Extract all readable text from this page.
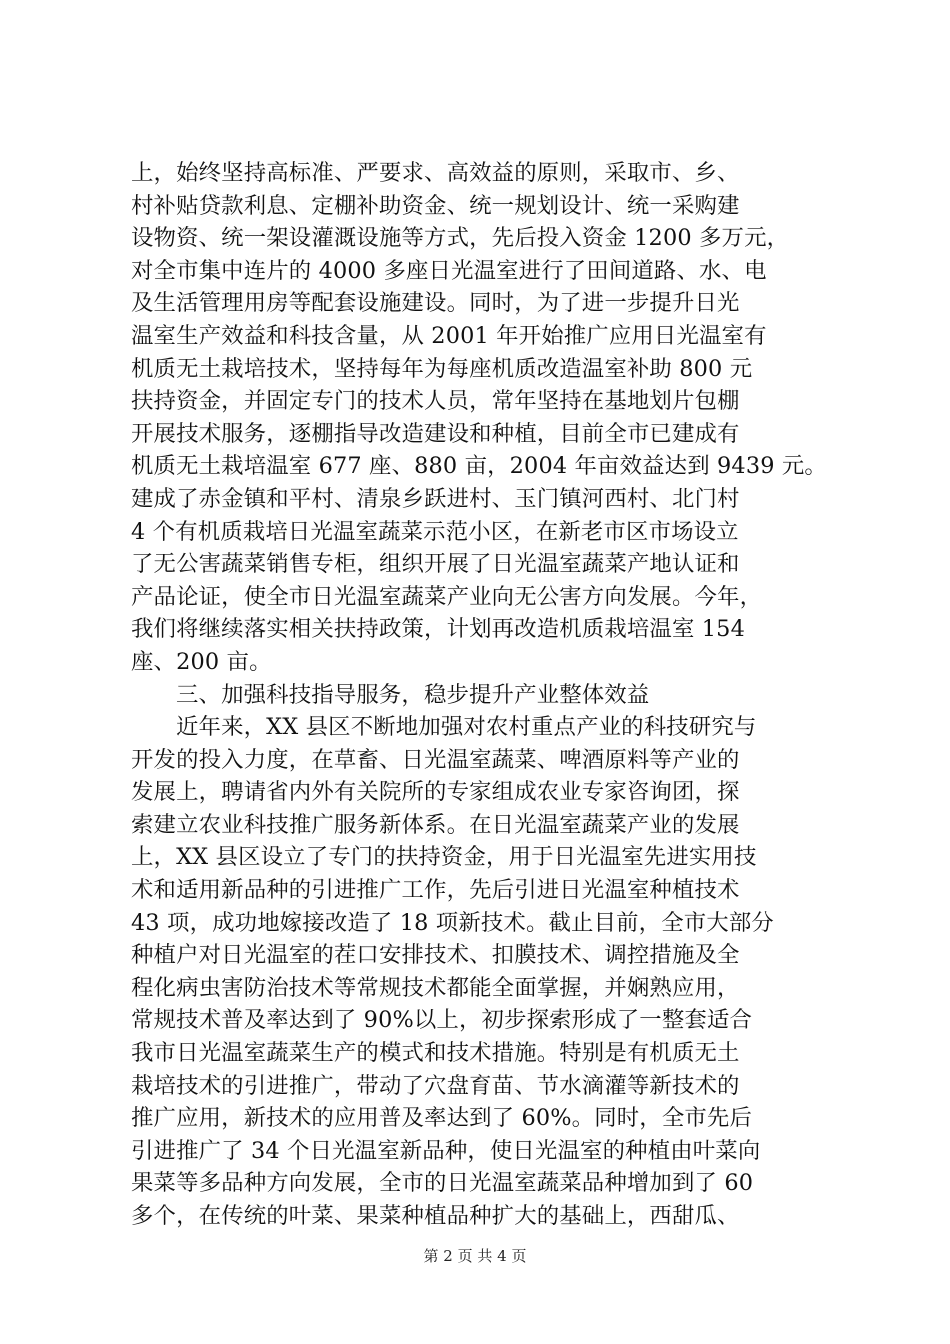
上，始终坚持高标准、严要求、高效益的原则，采取市、乡、
村补贴贷款利息、定棚补助资金、统一规划设计、统一采购建
设物资、统一架设灌溉设施等方式，先后投入资金 1200 多万元，
对全市集中连片的 4000 多座日光温室进行了田间道路、水、电
及生活管理用房等配套设施建设。同时，为了进一步提升日光
温室生产效益和科技含量，从 2001 年开始推广应用日光温室有
机质无土栽培技术，坚持每年为每座机质改造温室补助 800 元
扶持资金，并固定专门的技术人员，常年坚持在基地划片包棚
开展技术服务，逐棚指导改造建设和种植，目前全市已建成有
机质无土栽培温室 677 座、880 亩，2004 年亩效益达到 9439 元。
建成了赤金镇和平村、清泉乡跃进村、玉门镇河西村、北门村
4 个有机质栽培日光温室蔬菜示范小区，在新老市区市场设立
了无公害蔬菜销售专柜，组织开展了日光温室蔬菜产地认证和
产品论证，使全市日光温室蔬菜产业向无公害方向发展。今年，
我们将继续落实相关扶持政策，计划再改造机质栽培温室 154
座、200 亩。
三、加强科技指导服务，稳步提升产业整体效益
近年来，XX 县区不断地加强对农村重点产业的科技研究与
开发的投入力度，在草畜、日光温室蔬菜、啤酒原料等产业的
发展上，聘请省内外有关院所的专家组成农业专家咨询团，探
索建立农业科技推广服务新体系。在日光温室蔬菜产业的发展
上，XX 县区设立了专门的扶持资金，用于日光温室先进实用技
术和适用新品种的引进推广工作，先后引进日光温室种植技术
43 项，成功地嫁接改造了 18 项新技术。截止目前，全市大部分
种植户对日光温室的茬口安排技术、扣膜技术、调控措施及全
程化病虫害防治技术等常规技术都能全面掌握，并娴熟应用，
常规技术普及率达到了 90%以上，初步探索形成了一整套适合
我市日光温室蔬菜生产的模式和技术措施。特别是有机质无土
栽培技术的引进推广，带动了穴盘育苗、节水滴灌等新技术的
推广应用，新技术的应用普及率达到了 60%。同时，全市先后
引进推广了 34 个日光温室新品种，使日光温室的种植由叶菜向
果菜等多品种方向发展，全市的日光温室蔬菜品种增加到了 60
多个，在传统的叶菜、果菜种植品种扩大的基础上，西甜瓜、
第 2 页 共 4 页
